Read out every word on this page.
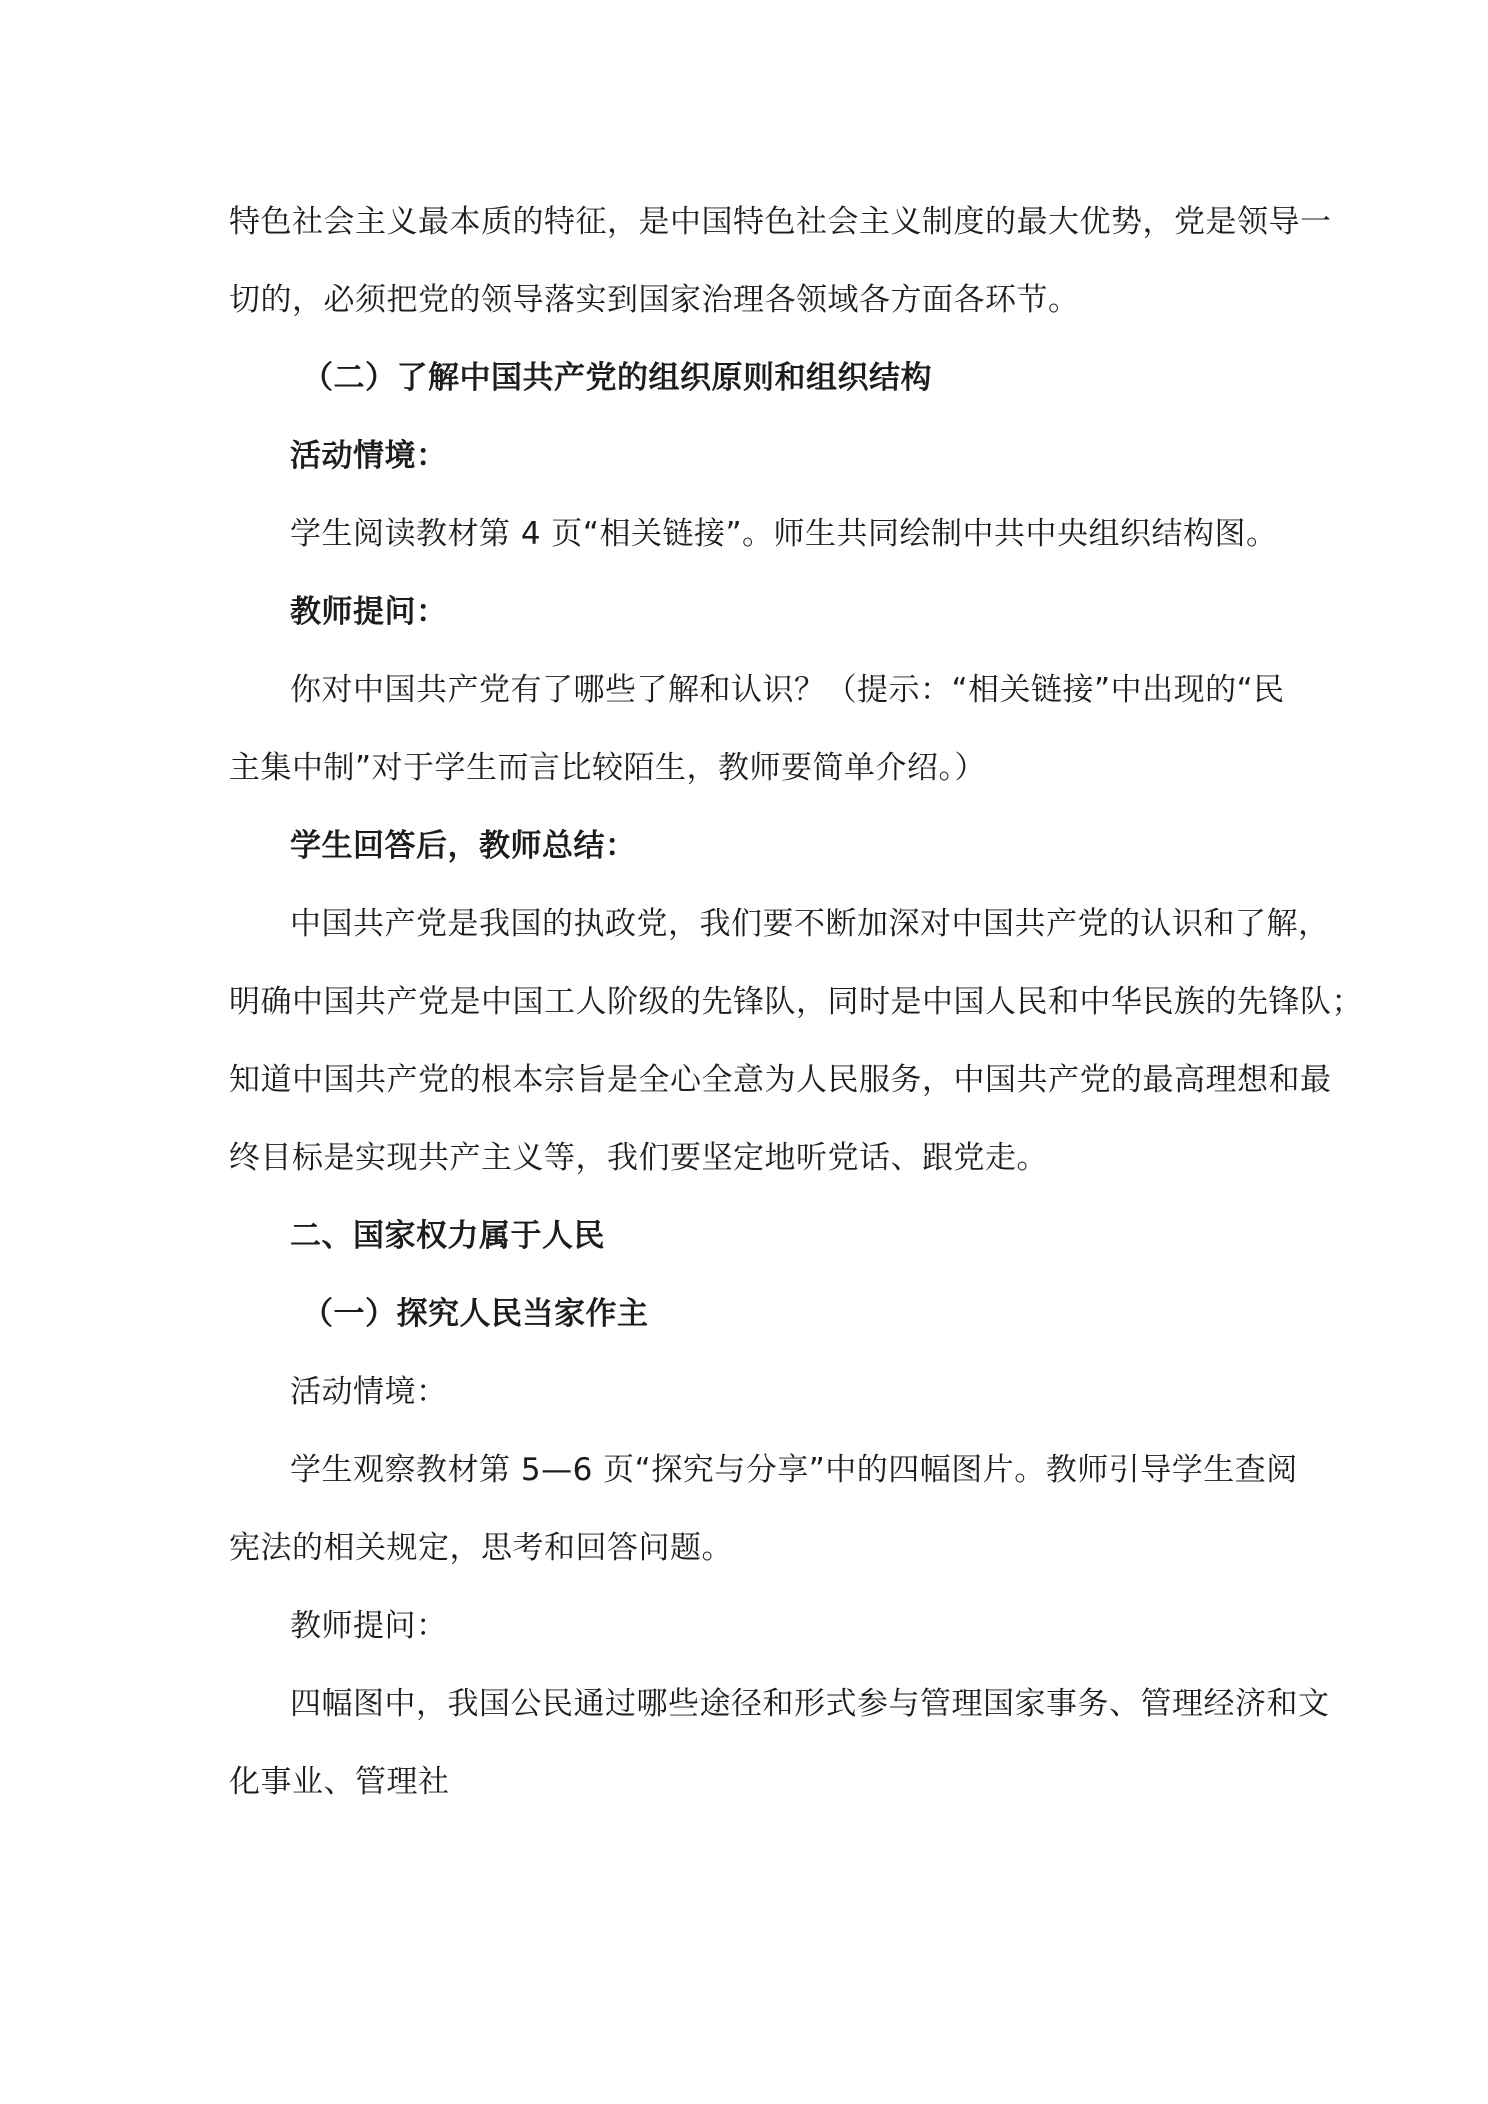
特色社会主义最本质的特征，是中国特色社会主义制度的最大优势，党是领导一
切的，必须把党的领导落实到国家治理各领域各方面各环节。
（二）了解中国共产党的组织原则和组织结构
活动情境：
学生阅读教材第 4 页“相关链接”。师生共同绘制中共中央组织结构图。
教师提问：
你对中国共产党有了哪些了解和认识？（提示：“相关链接”中出现的“民
主集中制”对于学生而言比较陌生，教师要简单介绍。）
学生回答后，教师总结：
中国共产党是我国的执政党，我们要不断加深对中国共产党的认识和了解，
明确中国共产党是中国工人阶级的先锋队，同时是中国人民和中华民族的先锋队；
知道中国共产党的根本宗旨是全心全意为人民服务，中国共产党的最高理想和最
终目标是实现共产主义等，我们要坚定地听党话、跟党走。
二、国家权力属于人民
（一）探究人民当家作主
活动情境：
学生观察教材第 5—6 页“探究与分享”中的四幅图片。教师引导学生查阅
宪法的相关规定，思考和回答问题。
教师提问：
四幅图中，我国公民通过哪些途径和形式参与管理国家事务、管理经济和文
化事业、管理社
